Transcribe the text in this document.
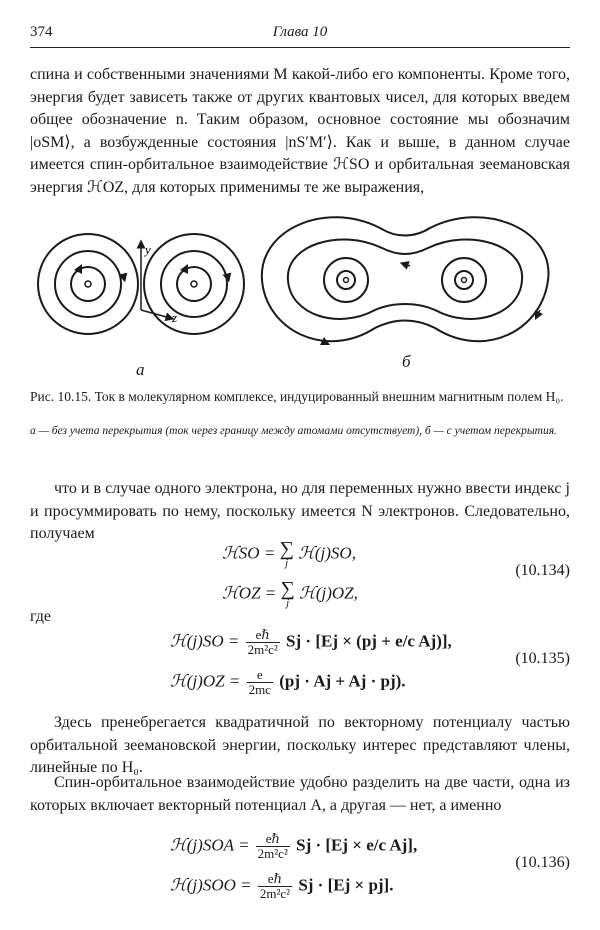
374	Глава 10

спина и собственными значениями M какой-либо его компоненты. Кроме того, энергия будет зависеть также от других квантовых чисел, для которых введем общее обозначение n. Таким образом, основное состояние мы обозначим |oSM⟩, а возбужденные состояния |nS′M′⟩. Как и выше, в данном случае имеется спин-орбитальное взаимодействие ℋSO и орбитальная зеемановская энергия ℋOZ, для которых применимы те же выражения,

y
z
а	б
Рис. 10.15. Ток в молекулярном комплексе, индуцированный внешним магнитным полем H₀.
а — без учета перекрытия (ток через границу между атомами отсутствует), б — с учетом перекрытия.

что и в случае одного электрона, но для переменных нужно ввести индекс j и просуммировать по нему, поскольку имеется N электронов. Следовательно, получаем

ℋSO = ∑
j
ℋ(j)SO,
ℋOZ = ∑
j
ℋ(j)OZ,
(10.134)
где
ℋ(j)SO = $\frac{\text{eℏ}}{\text{2m²c²}}$ Sj · [Ej × (pj + e/c Aj)],
ℋ(j)OZ = $\frac{e}{2mc} (pj \cdot Aj + Aj \cdot pj)$.
(10.135)

Здесь пренебрегается квадратичной по векторному потенциалу частью орбитальной зеемановской энергии, поскольку интерес представляют члены, линейные по H₀.

Спин-орбитальное взаимодействие удобно разделить на две части, одна из которых включает векторный потенциал A, а другая — нет, а именно

ℋ(j)SOA = $\frac{\text{eℏ}}{\text{2m²c²}}$ Sj · [Ej × e/c Aj],
ℋ(j)SOO = $\frac{\text{eℏ}}{\text{2m²c²}}$ Sj · [Ej × pj].
(10.136)
